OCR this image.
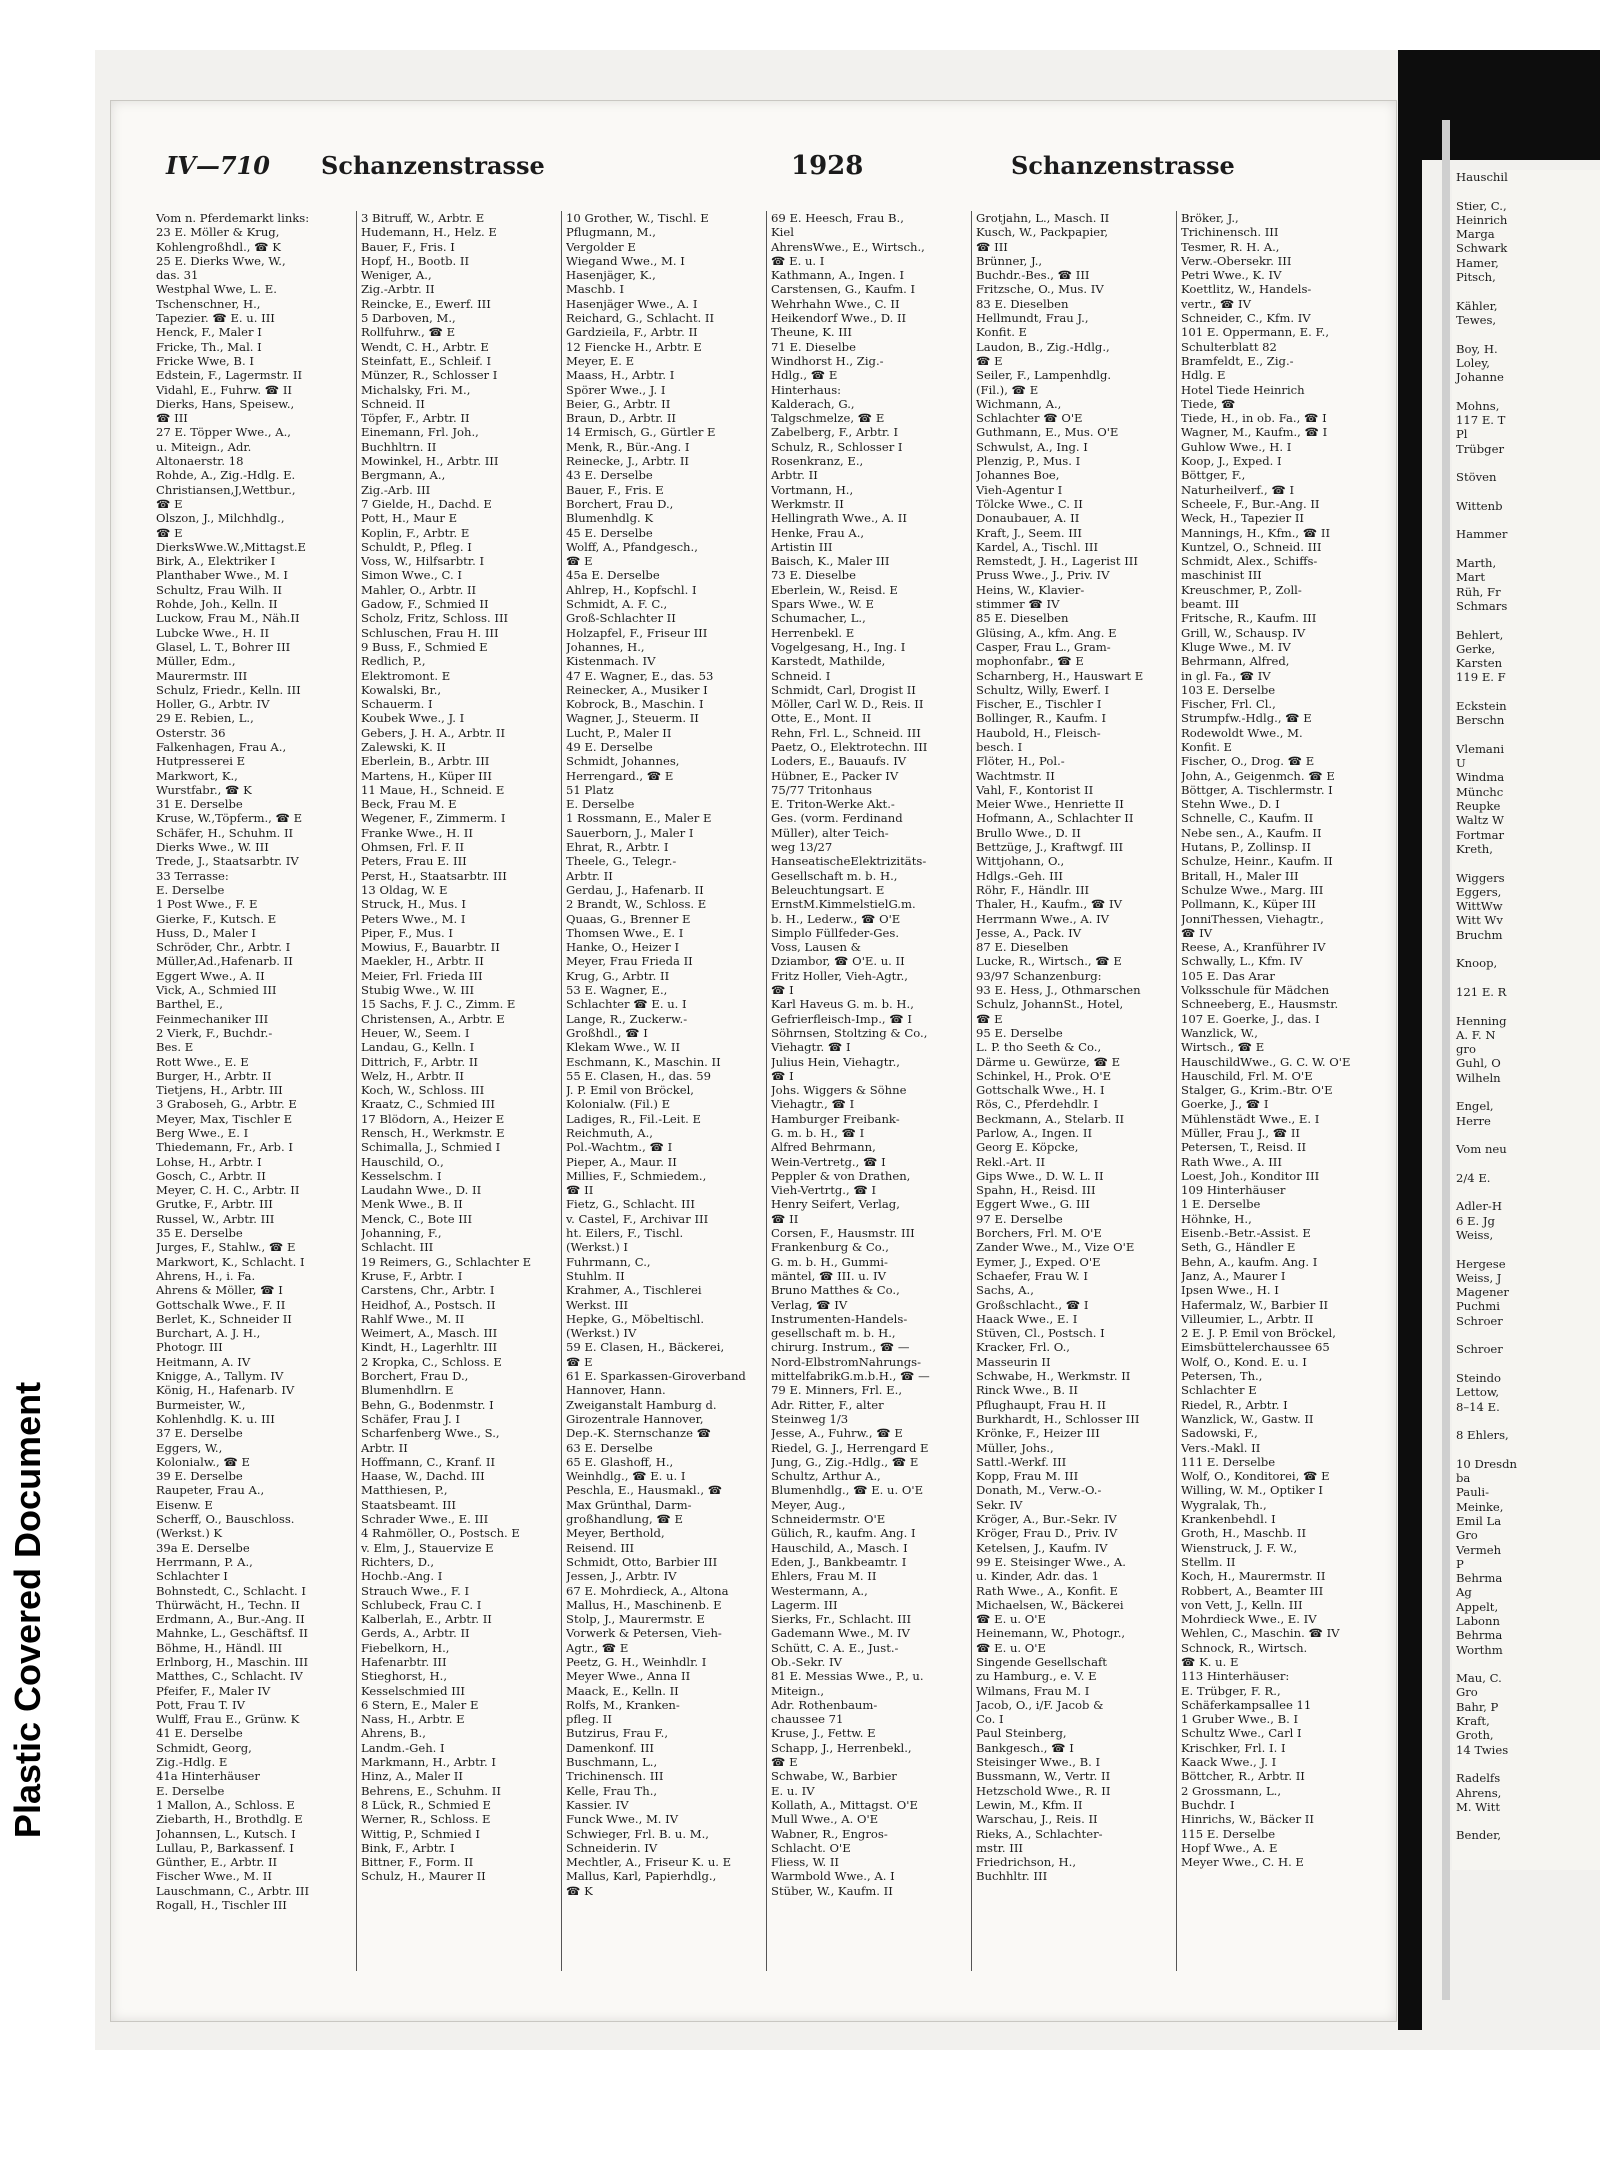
Plastic Covered Document
IV—710 Schanzenstrasse	1928	Schanzenstrasse
Vom n. Pferdemarkt links:
23 E. Möller & Krug,
Kohlengroßhdl., ☎ K
25 E. Dierks Wwe, W.,
das. 31
Westphal Wwe, L. E.
Tschenschner, H.,
Tapezier. ☎ E. u. III
Henck, F., Maler I
Fricke, Th., Mal. I
Fricke Wwe, B. I
Edstein, F., Lagermstr. II
Vidahl, E., Fuhrw. ☎ II
Dierks, Hans, Speisew.,
☎ III
27 E. Töpper Wwe., A.,
u. Miteign., Adr.
Altonaerstr. 18
Rohde, A., Zig.-Hdlg. E.
Christiansen,J,Wettbur.,
☎ E
Olszon, J., Milchhdlg.,
☎ E
DierksWwe.W.,Mittagst.E
Birk, A., Elektriker I
Planthaber Wwe., M. I
Schultz, Frau Wilh. II
Rohde, Joh., Kelln. II
Luckow, Frau M., Näh.II
Lubcke Wwe., H. II
Glasel, L. T., Bohrer III
Müller, Edm.,
Maurermstr. III
Schulz, Friedr., Kelln. III
Holler, G., Arbtr. IV
29 E. Rebien, L.,
Osterstr. 36
Falkenhagen, Frau A.,
Hutpresserei E
Markwort, K.,
Wurstfabr., ☎ K
31 E. Derselbe
Kruse, W.,Töpferm., ☎ E
Schäfer, H., Schuhm. II
Dierks Wwe., W. III
Trede, J., Staatsarbtr. IV
33 Terrasse:
E. Derselbe
1 Post Wwe., F. E
Gierke, F., Kutsch. E
Huss, D., Maler I
Schröder, Chr., Arbtr. I
Müller,Ad.,Hafenarb. II
Eggert Wwe., A. II
Vick, A., Schmied III
Barthel, E.,
Feinmechaniker III
2 Vierk, F., Buchdr.-
Bes. E
Rott Wwe., E. E
Burger, H., Arbtr. II
Tietjens, H., Arbtr. III
3 Graboseh, G., Arbtr. E
Meyer, Max, Tischler E
Berg Wwe., E. I
Thiedemann, Fr., Arb. I
Lohse, H., Arbtr. I
Gosch, C., Arbtr. II
Meyer, C. H. C., Arbtr. II
Grutke, F., Arbtr. III
Russel, W., Arbtr. III
35 E. Derselbe
Jurges, F., Stahlw., ☎ E
Markwort, K., Schlacht. I
Ahrens, H., i. Fa.
Ahrens & Möller, ☎ I
Gottschalk Wwe., F. II
Berlet, K., Schneider II
Burchart, A. J. H.,
Photogr. III
Heitmann, A. IV
Knigge, A., Tallym. IV
König, H., Hafenarb. IV
Burmeister, W.,
Kohlenhdlg. K. u. III
37 E. Derselbe
Eggers, W.,
Kolonialw., ☎ E
39 E. Derselbe
Raupeter, Frau A.,
Eisenw. E
Scherff, O., Bauschloss.
(Werkst.) K
39a E. Derselbe
Herrmann, P. A.,
Schlachter I
Bohnstedt, C., Schlacht. I
Thürwächt, H., Techn. II
Erdmann, A., Bur.-Ang. II
Mahnke, L., Geschäftsf. II
Böhme, H., Händl. III
Erlnborg, H., Maschin. III
Matthes, C., Schlacht. IV
Pfeifer, F., Maler IV
Pott, Frau T. IV
Wulff, Frau E., Grünw. K
41 E. Derselbe
Schmidt, Georg,
Zig.-Hdlg. E
41a Hinterhäuser
E. Derselbe
1 Mallon, A., Schloss. E
Ziebarth, H., Brothdlg. E
Johannsen, L., Kutsch. I
Lullau, P., Barkassenf. I
Günther, E., Arbtr. II
Fischer Wwe., M. II
Lauschmann, C., Arbtr. III
Rogall, H., Tischler III
3 Bitruff, W., Arbtr. E
Hudemann, H., Helz. E
Bauer, F., Fris. I
Hopf, H., Bootb. II
Weniger, A.,
Zig.-Arbtr. II
Reincke, E., Ewerf. III
5 Darboven, M.,
Rollfuhrw., ☎ E
Wendt, C. H., Arbtr. E
Steinfatt, E., Schleif. I
Münzer, R., Schlosser I
Michalsky, Fri. M.,
Schneid. II
Töpfer, F., Arbtr. II
Einemann, Frl. Joh.,
Buchhltrn. II
Mowinkel, H., Arbtr. III
Bergmann, A.,
Zig.-Arb. III
7 Gielde, H., Dachd. E
Pott, H., Maur E
Koplin, F., Arbtr. E
Schuldt, P., Pfleg. I
Voss, W., Hilfsarbtr. I
Simon Wwe., C. I
Mahler, O., Arbtr. II
Gadow, F., Schmied II
Scholz, Fritz, Schloss. III
Schluschen, Frau H. III
9 Buss, F., Schmied E
Redlich, P.,
Elektromont. E
Kowalski, Br.,
Schauerm. I
Koubek Wwe., J. I
Gebers, J. H. A., Arbtr. II
Zalewski, K. II
Eberlein, B., Arbtr. III
Martens, H., Küper III
11 Maue, H., Schneid. E
Beck, Frau M. E
Wegener, F., Zimmerm. I
Franke Wwe., H. II
Ohmsen, Frl. F. II
Peters, Frau E. III
Perst, H., Staatsarbtr. III
13 Oldag, W. E
Struck, H., Mus. I
Peters Wwe., M. I
Piper, F., Mus. I
Mowius, F., Bauarbtr. II
Maekler, H., Arbtr. II
Meier, Frl. Frieda III
Stubig Wwe., W. III
15 Sachs, F. J. C., Zimm. E
Christensen, A., Arbtr. E
Heuer, W., Seem. I
Landau, G., Kelln. I
Dittrich, F., Arbtr. II
Welz, H., Arbtr. II
Koch, W., Schloss. III
Kraatz, C., Schmied III
17 Blödorn, A., Heizer E
Rensch, H., Werkmstr. E
Schimalla, J., Schmied I
Hauschild, O.,
Kesselschm. I
Laudahn Wwe., D. II
Menk Wwe., B. II
Menck, C., Bote III
Johanning, F.,
Schlacht. III
19 Reimers, G., Schlachter E
Kruse, F., Arbtr. I
Carstens, Chr., Arbtr. I
Heidhof, A., Postsch. II
Rahlf Wwe., M. II
Weimert, A., Masch. III
Kindt, H., Lagerhltr. III
2 Kropka, C., Schloss. E
Borchert, Frau D.,
Blumenhdlrn. E
Behn, G., Bodenmstr. I
Schäfer, Frau J. I
Scharfenberg Wwe., S.,
Arbtr. II
Hoffmann, C., Kranf. II
Haase, W., Dachd. III
Matthiesen, P.,
Staatsbeamt. III
Schrader Wwe., E. III
4 Rahmöller, O., Postsch. E
v. Elm, J., Stauervize E
Richters, D.,
Hochb.-Ang. I
Strauch Wwe., F. I
Schlubeck, Frau C. I
Kalberlah, E., Arbtr. II
Gerds, A., Arbtr. II
Fiebelkorn, H.,
Hafenarbtr. III
Stieghorst, H.,
Kesselschmied III
6 Stern, E., Maler E
Nass, H., Arbtr. E
Ahrens, B.,
Landm.-Geh. I
Markmann, H., Arbtr. I
Hinz, A., Maler II
Behrens, E., Schuhm. II
8 Lück, R., Schmied E
Werner, R., Schloss. E
Wittig, P., Schmied I
Bink, F., Arbtr. I
Bittner, F., Form. II
Schulz, H., Maurer II
10 Grother, W., Tischl. E
Pflugmann, M.,
Vergolder E
Wiegand Wwe., M. I
Hasenjäger, K.,
Maschb. I
Hasenjäger Wwe., A. I
Reichard, G., Schlacht. II
Gardzieila, F., Arbtr. II
12 Fiencke H., Arbtr. E
Meyer, E. E
Maass, H., Arbtr. I
Spörer Wwe., J. I
Beier, G., Arbtr. II
Braun, D., Arbtr. II
14 Ermisch, G., Gürtler E
Menk, R., Bür.-Ang. I
Reinecke, J., Arbtr. II
43 E. Derselbe
Bauer, F., Fris. E
Borchert, Frau D.,
Blumenhdlg. K
45 E. Derselbe
Wolff, A., Pfandgesch.,
☎ E
45a E. Derselbe
Ahlrep, H., Kopfschl. I
Schmidt, A. F. C.,
Groß-Schlachter II
Holzapfel, F., Friseur III
Johannes, H.,
Kistenmach. IV
47 E. Wagner, E., das. 53
Reinecker, A., Musiker I
Kobrock, B., Maschin. I
Wagner, J., Steuerm. II
Lucht, P., Maler II
49 E. Derselbe
Schmidt, Johannes,
Herrengard., ☎ E
51 Platz
E. Derselbe
1 Rossmann, E., Maler E
Sauerborn, J., Maler I
Ehrat, R., Arbtr. I
Theele, G., Telegr.-
Arbtr. II
Gerdau, J., Hafenarb. II
2 Brandt, W., Schloss. E
Quaas, G., Brenner E
Thomsen Wwe., E. I
Hanke, O., Heizer I
Meyer, Frau Frieda II
Krug, G., Arbtr. II
53 E. Wagner, E.,
Schlachter ☎ E. u. I
Lange, R., Zuckerw.-
Großhdl., ☎ I
Klekam Wwe., W. II
Eschmann, K., Maschin. II
55 E. Clasen, H., das. 59
J. P. Emil von Bröckel,
Kolonialw. (Fil.) E
Ladiges, R., Fil.-Leit. E
Reichmuth, A.,
Pol.-Wachtm., ☎ I
Pieper, A., Maur. II
Millies, F., Schmiedem.,
☎ II
Fietz, G., Schlacht. III
v. Castel, F., Archivar III
ht. Eilers, F., Tischl.
(Werkst.) I
Fuhrmann, C.,
Stuhlm. II
Krahmer, A., Tischlerei
Werkst. III
Hepke, G., Möbeltischl.
(Werkst.) IV
59 E. Clasen, H., Bäckerei,
☎ E
61 E. Sparkassen-Giroverband
Hannover, Hann.
Zweiganstalt Hamburg d.
Girozentrale Hannover,
Dep.-K. Sternschanze ☎
63 E. Derselbe
65 E. Glashoff, H.,
Weinhdlg., ☎ E. u. I
Peschla, E., Hausmakl., ☎
Max Grünthal, Darm-
großhandlung, ☎ E
Meyer, Berthold,
Reisend. III
Schmidt, Otto, Barbier III
Jessen, J., Arbtr. IV
67 E. Mohrdieck, A., Altona
Mallus, H., Maschinenb. E
Stolp, J., Maurermstr. E
Vorwerk & Petersen, Vieh-
Agtr., ☎ E
Peetz, G. H., Weinhdlr. I
Meyer Wwe., Anna II
Maack, E., Kelln. II
Rolfs, M., Kranken-
pfleg. II
Butzirus, Frau F.,
Damenkonf. III
Buschmann, L.,
Trichinensch. III
Kelle, Frau Th.,
Kassier. IV
Funck Wwe., M. IV
Schwieger, Frl. B. u. M.,
Schneiderin. IV
Mechtler, A., Friseur K. u. E
Mallus, Karl, Papierhdlg.,
☎ K
69 E. Heesch, Frau B.,
Kiel
AhrensWwe., E., Wirtsch.,
☎ E. u. I
Kathmann, A., Ingen. I
Carstensen, G., Kaufm. I
Wehrhahn Wwe., C. II
Heikendorf Wwe., D. II
Theune, K. III
71 E. Dieselbe
Windhorst H., Zig.-
Hdlg., ☎ E
Hinterhaus:
Kalderach, G.,
Talgschmelze, ☎ E
Zabelberg, F., Arbtr. I
Schulz, R., Schlosser I
Rosenkranz, E.,
Arbtr. II
Vortmann, H.,
Werkmstr. II
Hellingrath Wwe., A. II
Henke, Frau A.,
Artistin III
Baisch, K., Maler III
73 E. Dieselbe
Eberlein, W., Reisd. E
Spars Wwe., W. E
Schumacher, L.,
Herrenbekl. E
Vogelgesang, H., Ing. I
Karstedt, Mathilde,
Schneid. I
Schmidt, Carl, Drogist II
Möller, Carl W. D., Reis. II
Otte, E., Mont. II
Rehn, Frl. L., Schneid. III
Paetz, O., Elektrotechn. III
Loders, E., Bauaufs. IV
Hübner, E., Packer IV
75/77 Tritonhaus
E. Triton-Werke Akt.-
Ges. (vorm. Ferdinand
Müller), alter Teich-
weg 13/27
HanseatischeElektrizitäts-
Gesellschaft m. b. H.,
Beleuchtungsart. E
ErnstM.KimmelstielG.m.
b. H., Lederw., ☎ O'E
Simplo Füllfeder-Ges.
Voss, Lausen &
Dziambor, ☎ O'E. u. II
Fritz Holler, Vieh-Agtr.,
☎ I
Karl Haveus G. m. b. H.,
Gefrierfleisch-Imp., ☎ I
Söhrnsen, Stoltzing & Co.,
Viehagtr. ☎ I
Julius Hein, Viehagtr.,
☎ I
Johs. Wiggers & Söhne
Viehagtr., ☎ I
Hamburger Freibank-
G. m. b. H., ☎ I
Alfred Behrmann,
Wein-Vertretg., ☎ I
Peppler & von Drathen,
Vieh-Vertrtg., ☎ I
Henry Seifert, Verlag,
☎ II
Corsen, F., Hausmstr. III
Frankenburg & Co.,
G. m. b. H., Gummi-
mäntel, ☎ III. u. IV
Bruno Matthes & Co.,
Verlag, ☎ IV
Instrumenten-Handels-
gesellschaft m. b. H.,
chirurg. Instrum., ☎ —
Nord-ElbstromNahrungs-
mittelfabrikG.m.b.H., ☎ —
79 E. Minners, Frl. E.,
Adr. Ritter, F., alter
Steinweg 1/3
Jesse, A., Fuhrw., ☎ E
Riedel, G. J., Herrengard E
Jung, G., Zig.-Hdlg., ☎ E
Schultz, Arthur A.,
Blumenhdlg., ☎ E. u. O'E
Meyer, Aug.,
Schneidermstr. O'E
Gülich, R., kaufm. Ang. I
Hauschild, A., Masch. I
Eden, J., Bankbeamtr. I
Ehlers, Frau M. II
Westermann, A.,
Lagerm. III
Sierks, Fr., Schlacht. III
Gademann Wwe., M. IV
Schütt, C. A. E., Just.-
Ob.-Sekr. IV
81 E. Messias Wwe., P., u.
Miteign.,
Adr. Rothenbaum-
chaussee 71
Kruse, J., Fettw. E
Schapp, J., Herrenbekl.,
☎ E
Schwabe, W., Barbier
E. u. IV
Kollath, A., Mittagst. O'E
Mull Wwe., A. O'E
Wabner, R., Engros-
Schlacht. O'E
Fliess, W. II
Warmbold Wwe., A. I
Stüber, W., Kaufm. II
Grotjahn, L., Masch. II
Kusch, W., Packpapier,
☎ III
Brünner, J.,
Buchdr.-Bes., ☎ III
Fritzsche, O., Mus. IV
83 E. Dieselben
Hellmundt, Frau J.,
Konfit. E
Laudon, B., Zig.-Hdlg.,
☎ E
Seiler, F., Lampenhdlg.
(Fil.), ☎ E
Wichmann, A.,
Schlachter ☎ O'E
Guthmann, E., Mus. O'E
Schwulst, A., Ing. I
Plenzig, P., Mus. I
Johannes Boe,
Vieh-Agentur I
Tölcke Wwe., C. II
Donaubauer, A. II
Kraft, J., Seem. III
Kardel, A., Tischl. III
Remstedt, J. H., Lagerist III
Pruss Wwe., J., Priv. IV
Heins, W., Klavier-
stimmer ☎ IV
85 E. Dieselben
Glüsing, A., kfm. Ang. E
Casper, Frau L., Gram-
mophonfabr., ☎ E
Scharnberg, H., Hauswart E
Schultz, Willy, Ewerf. I
Fischer, E., Tischler I
Bollinger, R., Kaufm. I
Haubold, H., Fleisch-
besch. I
Flöter, H., Pol.-
Wachtmstr. II
Vahl, F., Kontorist II
Meier Wwe., Henriette II
Hofmann, A., Schlachter II
Brullo Wwe., D. II
Bettzüge, J., Kraftwgf. III
Wittjohann, O.,
Hdlgs.-Geh. III
Röhr, F., Händlr. III
Thaler, H., Kaufm., ☎ IV
Herrmann Wwe., A. IV
Jesse, A., Pack. IV
87 E. Dieselben
Lucke, R., Wirtsch., ☎ E
93/97 Schanzenburg:
93 E. Hess, J., Othmarschen
Schulz, JohannSt., Hotel,
☎ E
95 E. Derselbe
L. P. tho Seeth & Co.,
Därme u. Gewürze, ☎ E
Schinkel, H., Prok. O'E
Gottschalk Wwe., H. I
Rös, C., Pferdehdlr. I
Beckmann, A., Stelarb. II
Parlow, A., Ingen. II
Georg E. Köpcke,
Rekl.-Art. II
Gips Wwe., D. W. L. II
Spahn, H., Reisd. III
Eggert Wwe., G. III
97 E. Derselbe
Borchers, Frl. M. O'E
Zander Wwe., M., Vize O'E
Eymer, J., Exped. O'E
Schaefer, Frau W. I
Sachs, A.,
Großschlacht., ☎ I
Haack Wwe., E. I
Stüven, Cl., Postsch. I
Kracker, Frl. O.,
Masseurin II
Schwabe, H., Werkmstr. II
Rinck Wwe., B. II
Pflughaupt, Frau H. II
Burkhardt, H., Schlosser III
Krönke, F., Heizer III
Müller, Johs.,
Sattl.-Werkf. III
Kopp, Frau M. III
Donath, M., Verw.-O.-
Sekr. IV
Kröger, A., Bur.-Sekr. IV
Kröger, Frau D., Priv. IV
Ketelsen, J., Kaufm. IV
99 E. Steisinger Wwe., A.
u. Kinder, Adr. das. 1
Rath Wwe., A., Konfit. E
Michaelsen, W., Bäckerei
☎ E. u. O'E
Heinemann, W., Photogr.,
☎ E. u. O'E
Singende Gesellschaft
zu Hamburg., e. V. E
Wilmans, Frau M. I
Jacob, O., i/F. Jacob &
Co. I
Paul Steinberg,
Bankgesch., ☎ I
Steisinger Wwe., B. I
Bussmann, W., Vertr. II
Hetzschold Wwe., R. II
Lewin, M., Kfm. II
Warschau, J., Reis. II
Rieks, A., Schlachter-
mstr. III
Friedrichson, H.,
Buchhltr. III
Bröker, J.,
Trichinensch. III
Tesmer, R. H. A.,
Verw.-Obersekr. III
Petri Wwe., K. IV
Koettlitz, W., Handels-
vertr., ☎ IV
Schneider, C., Kfm. IV
101 E. Oppermann, E. F.,
Schulterblatt 82
Bramfeldt, E., Zig.-
Hdlg. E
Hotel Tiede Heinrich
Tiede, ☎
Tiede, H., in ob. Fa., ☎ I
Wagner, M., Kaufm., ☎ I
Guhlow Wwe., H. I
Koop, J., Exped. I
Böttger, F.,
Naturheilverf., ☎ I
Scheele, F., Bur.-Ang. II
Weck, H., Tapezier II
Mannings, H., Kfm., ☎ II
Kuntzel, O., Schneid. III
Schmidt, Alex., Schiffs-
maschinist III
Kreuschmer, P., Zoll-
beamt. III
Fritsche, R., Kaufm. III
Grill, W., Schausp. IV
Kluge Wwe., M. IV
Behrmann, Alfred,
in gl. Fa., ☎ IV
103 E. Derselbe
Fischer, Frl. Cl.,
Strumpfw.-Hdlg., ☎ E
Rodewoldt Wwe., M.
Konfit. E
Fischer, O., Drog. ☎ E
John, A., Geigenmch. ☎ E
Böttger, A. Tischlermstr. I
Stehn Wwe., D. I
Schnelle, C., Kaufm. II
Nebe sen., A., Kaufm. II
Hutans, P., Zollinsp. II
Schulze, Heinr., Kaufm. II
Britall, H., Maler III
Schulze Wwe., Marg. III
Pollmann, K., Küper III
JonniThessen, Viehagtr.,
☎ IV
Reese, A., Kranführer IV
Schwally, L., Kfm. IV
105 E. Das Arar
Volksschule für Mädchen
Schneeberg, E., Hausmstr.
107 E. Goerke, J., das. I
Wanzlick, W.,
Wirtsch., ☎ E
HauschildWwe., G. C. W. O'E
Hauschild, Frl. M. O'E
Stalger, G., Krim.-Btr. O'E
Goerke, J., ☎ I
Mühlenstädt Wwe., E. I
Müller, Frau J., ☎ II
Petersen, T., Reisd. II
Rath Wwe., A. III
Loest, Joh., Konditor III
109 Hinterhäuser
1 E. Derselbe
Höhnke, H.,
Eisenb.-Betr.-Assist. E
Seth, G., Händler E
Behn, A., kaufm. Ang. I
Janz, A., Maurer I
Ipsen Wwe., H. I
Hafermalz, W., Barbier II
Villeumier, L., Arbtr. II
2 E. J. P. Emil von Bröckel,
Eimsbüttelerchaussee 65
Wolf, O., Kond. E. u. I
Petersen, Th.,
Schlachter E
Riedel, R., Arbtr. I
Wanzlick, W., Gastw. II
Sadowski, F.,
Vers.-Makl. II
111 E. Derselbe
Wolf, O., Konditorei, ☎ E
Willing, W. M., Optiker I
Wygralak, Th.,
Krankenbehdl. I
Groth, H., Maschb. II
Wienstruck, J. F. W.,
Stellm. II
Koch, H., Maurermstr. II
Robbert, A., Beamter III
von Vett, J., Kelln. III
Mohrdieck Wwe., E. IV
Wehlen, C., Maschin. ☎ IV
Schnock, R., Wirtsch.
☎ K. u. E
113 Hinterhäuser:
E. Trübger, F. R.,
Schäferkampsallee 11
1 Gruber Wwe., B. I
Schultz Wwe., Carl I
Krischker, Frl. I. I
Kaack Wwe., J. I
Böttcher, R., Arbtr. II
2 Grossmann, L.,
Buchdr. I
Hinrichs, W., Bäcker II
115 E. Derselbe
Hopf Wwe., A. E
Meyer Wwe., C. H. E
Hauschil
Stier, C.,
Heinrich
Marga
Schwark
Hamer,
Pitsch,
Kähler,
Tewes,
Boy, H.
Loley,
Johanne
Mohns,
117 E. T
Pl
Trübger
Stöven
Wittenb
Hammer
Marth,
Mart
Rüh, Fr
Schmars
Behlert,
Gerke,
Karsten
119 E. F
Eckstein
Berschn
Vlemani
U
Windma
Münchc
Reupke
Waltz W
Fortmar
Kreth,
Wiggers
Eggers,
WittWw
Witt Wv
Bruchm
Knoop,
121 E. R
Henning
A. F. N
gro
Guhl, O
Wilheln
Engel,
Herre
Vom neu
2/4 E.
Adler-H
6 E. Jg
Weiss,
Hergese
Weiss, J
Magener
Puchmi
Schroer
Schroer
Steindo
Lettow,
8–14 E.
8 Ehlers,
10 Dresdn
ba
Pauli-
Meinke,
Emil La
Gro
Vermeh
P
Behrma
Ag
Appelt,
Labonn
Behrma
Worthm
Mau, C.
Gro
Bahr, P
Kraft,
Groth,
14 Twies
Radelfs
Ahrens,
M. Witt
Bender,
